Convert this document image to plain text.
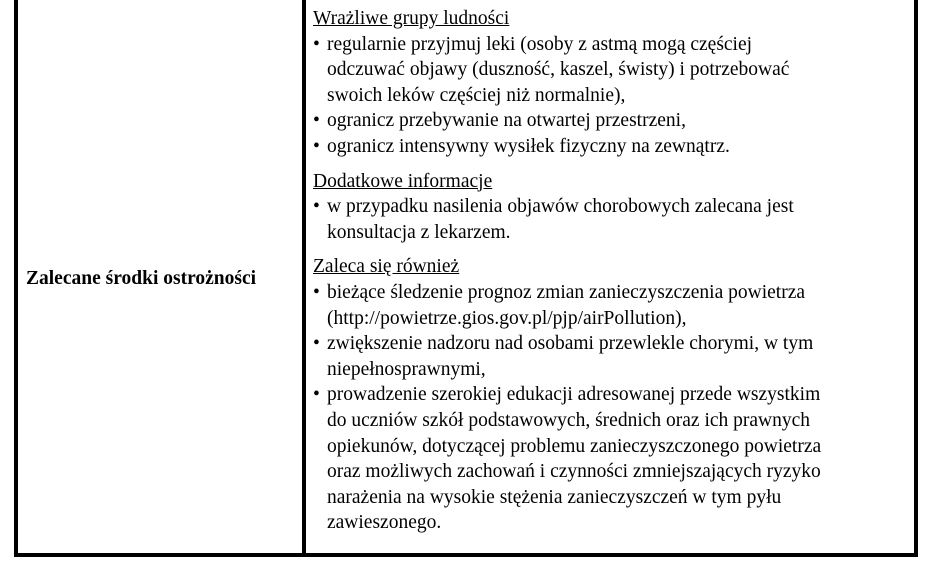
Zalecane środki ostrożności
Wrażliwe grupy ludności
• regularnie przyjmuj leki (osoby z astmą mogą częściej
odczuwać objawy (duszność, kaszel, świsty) i potrzebować
swoich leków częściej niż normalnie),
• ogranicz przebywanie na otwartej przestrzeni,
• ogranicz intensywny wysiłek fizyczny na zewnątrz.
Dodatkowe informacje
• w przypadku nasilenia objawów chorobowych zalecana jest
konsultacja z lekarzem.
Zaleca się również
• bieżące śledzenie prognoz zmian zanieczyszczenia powietrza
(http://powietrze.gios.gov.pl/pjp/airPollution),
• zwiększenie nadzoru nad osobami przewlekle chorymi, w tym
niepełnosprawnymi,
• prowadzenie szerokiej edukacji adresowanej przede wszystkim
do uczniów szkół podstawowych, średnich oraz ich prawnych
opiekunów, dotyczącej problemu zanieczyszczonego powietrza
oraz możliwych zachowań i czynności zmniejszających ryzyko
narażenia na wysokie stężenia zanieczyszczeń w tym pyłu
zawieszonego.
